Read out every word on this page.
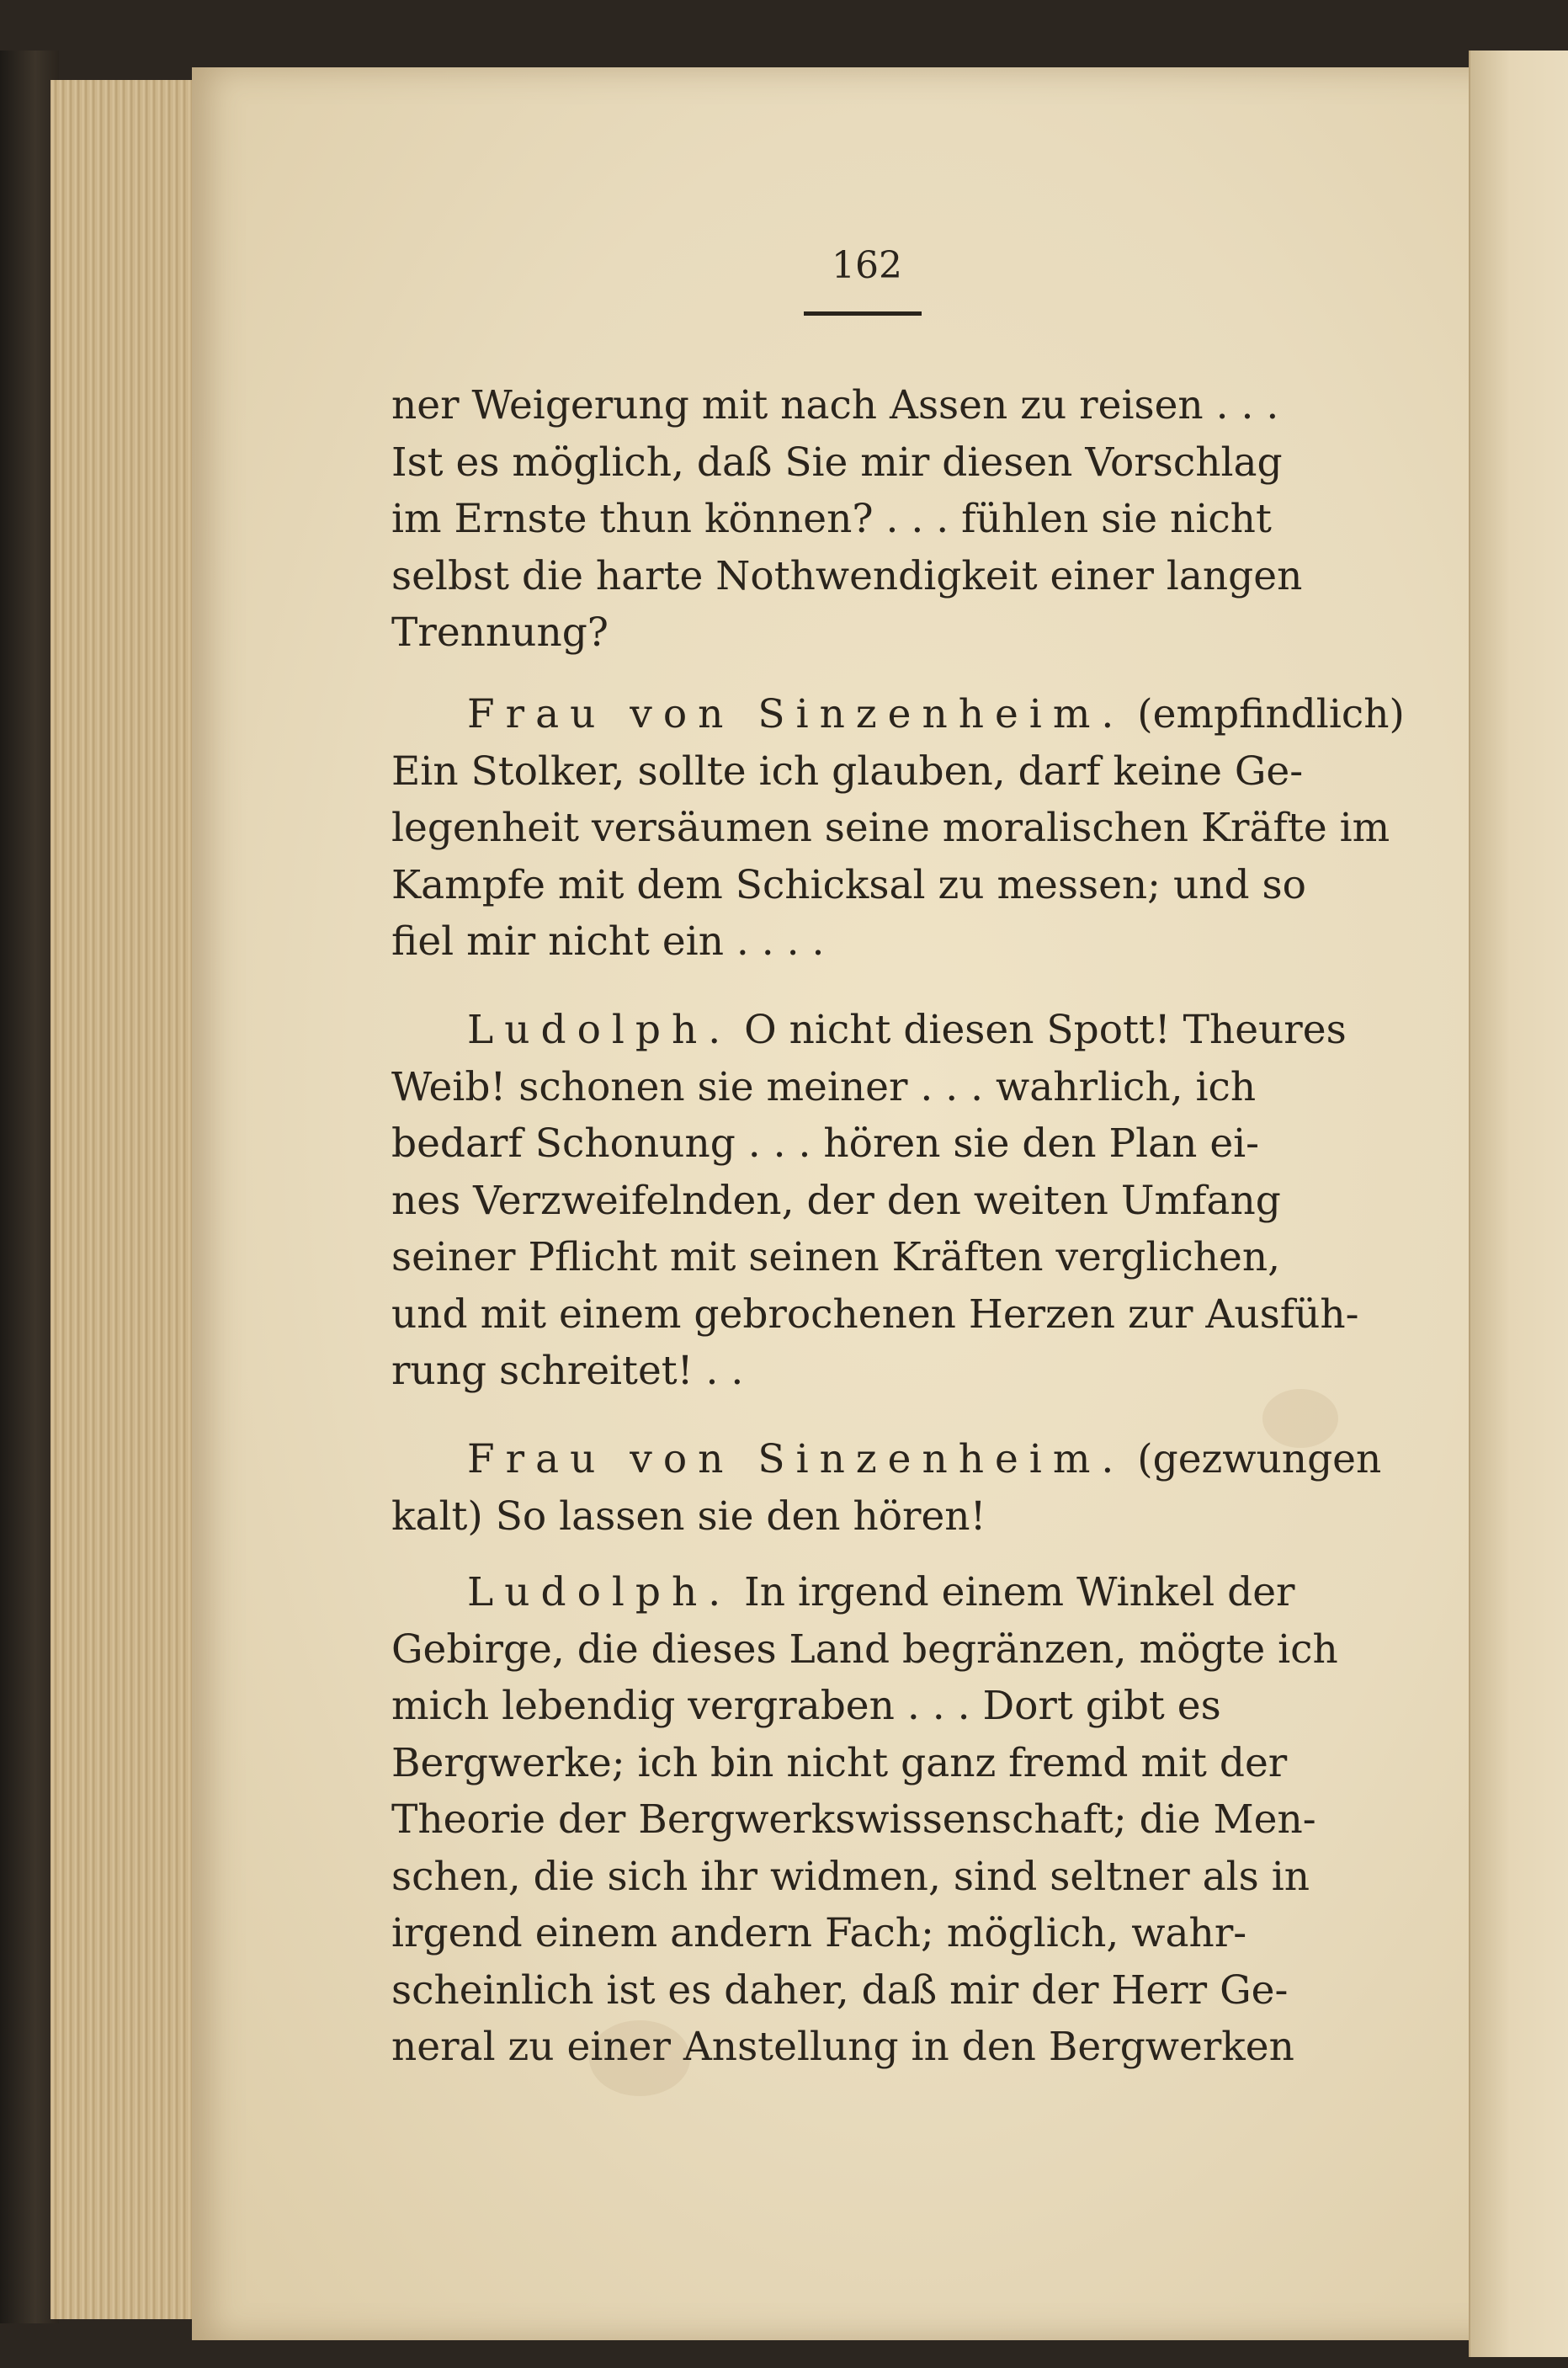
162
ner Weigerung mit nach Assen zu reisen . . .
Ist es möglich, daß Sie mir diesen Vorschlag
im Ernste thun können? . . . fühlen sie nicht
selbst die harte Nothwendigkeit einer langen
Trennung?
Frau von Sinzenheim. (empfindlich)
Ein Stolker, sollte ich glauben, darf keine Ge-
legenheit versäumen seine moralischen Kräfte im
Kampfe mit dem Schicksal zu messen; und so
fiel mir nicht ein . . . .
Ludolph. O nicht diesen Spott! Theures
Weib! schonen sie meiner . . . wahrlich, ich
bedarf Schonung . . . hören sie den Plan ei-
nes Verzweifelnden, der den weiten Umfang
seiner Pflicht mit seinen Kräften verglichen,
und mit einem gebrochenen Herzen zur Ausfüh-
rung schreitet! . .
Frau von Sinzenheim. (gezwungen
kalt) So lassen sie den hören!
Ludolph. In irgend einem Winkel der
Gebirge, die dieses Land begränzen, mögte ich
mich lebendig vergraben . . . Dort gibt es
Bergwerke; ich bin nicht ganz fremd mit der
Theorie der Bergwerkswissenschaft; die Men-
schen, die sich ihr widmen, sind seltner als in
irgend einem andern Fach; möglich, wahr-
scheinlich ist es daher, daß mir der Herr Ge-
neral zu einer Anstellung in den Bergwerken
